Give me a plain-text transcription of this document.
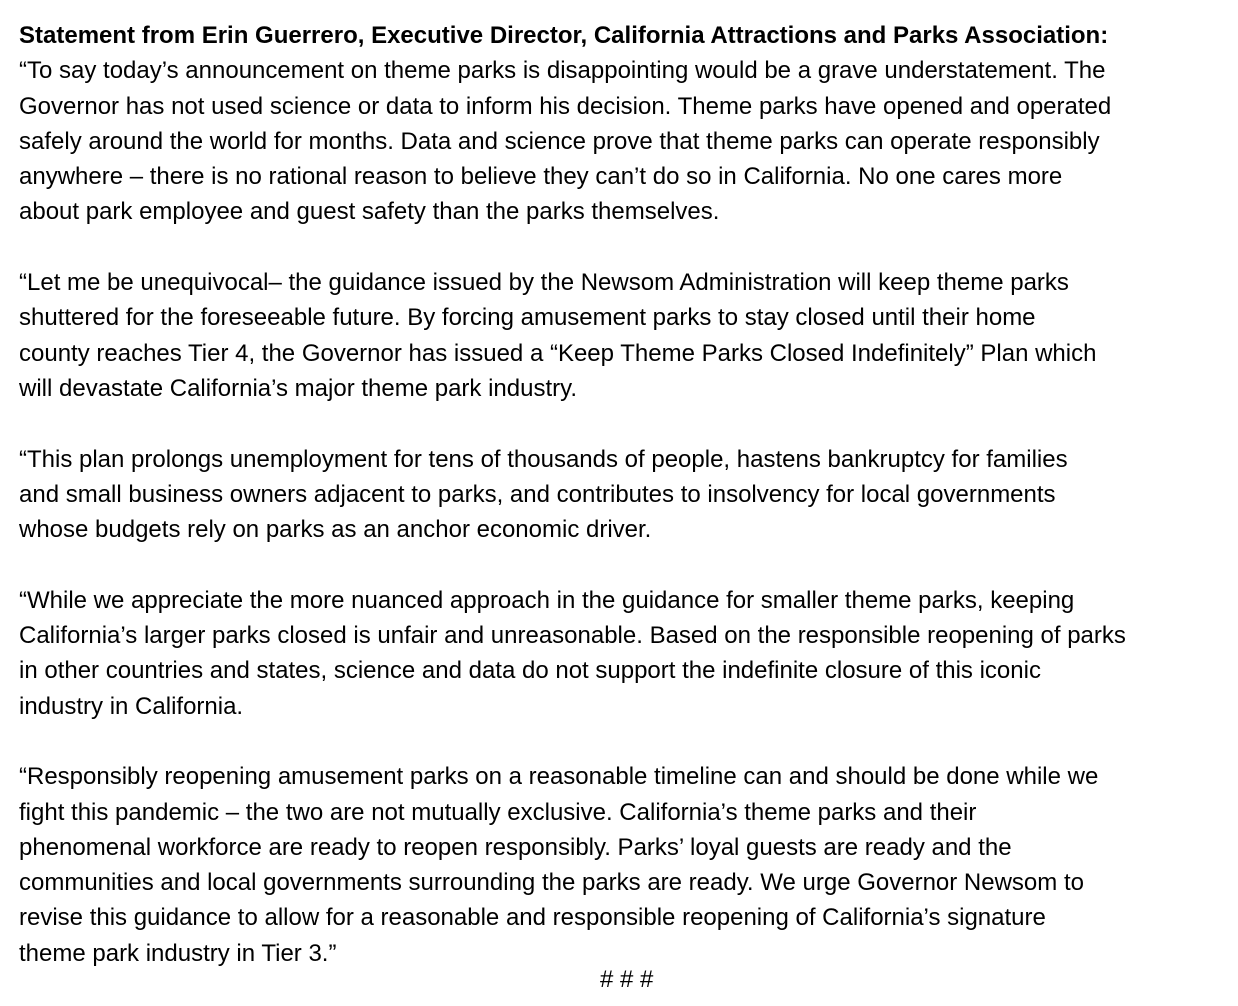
Statement from Erin Guerrero, Executive Director, California Attractions and Parks Association:

“To say today’s announcement on theme parks is disappointing would be a grave understatement. The
Governor has not used science or data to inform his decision. Theme parks have opened and operated
safely around the world for months. Data and science prove that theme parks can operate responsibly
anywhere – there is no rational reason to believe they can’t do so in California. No one cares more
about park employee and guest safety than the parks themselves.
“Let me be unequivocal– the guidance issued by the Newsom Administration will keep theme parks
shuttered for the foreseeable future. By forcing amusement parks to stay closed until their home
county reaches Tier 4, the Governor has issued a “Keep Theme Parks Closed Indefinitely” Plan which
will devastate California’s major theme park industry.
“This plan prolongs unemployment for tens of thousands of people, hastens bankruptcy for families
and small business owners adjacent to parks, and contributes to insolvency for local governments
whose budgets rely on parks as an anchor economic driver.
“While we appreciate the more nuanced approach in the guidance for smaller theme parks, keeping
California’s larger parks closed is unfair and unreasonable. Based on the responsible reopening of parks
in other countries and states, science and data do not support the indefinite closure of this iconic
industry in California.
“Responsibly reopening amusement parks on a reasonable timeline can and should be done while we
fight this pandemic – the two are not mutually exclusive. California’s theme parks and their
phenomenal workforce are ready to reopen responsibly. Parks’ loyal guests are ready and the
communities and local governments surrounding the parks are ready. We urge Governor Newsom to
revise this guidance to allow for a reasonable and responsible reopening of California’s signature
theme park industry in Tier 3.”
# # #
